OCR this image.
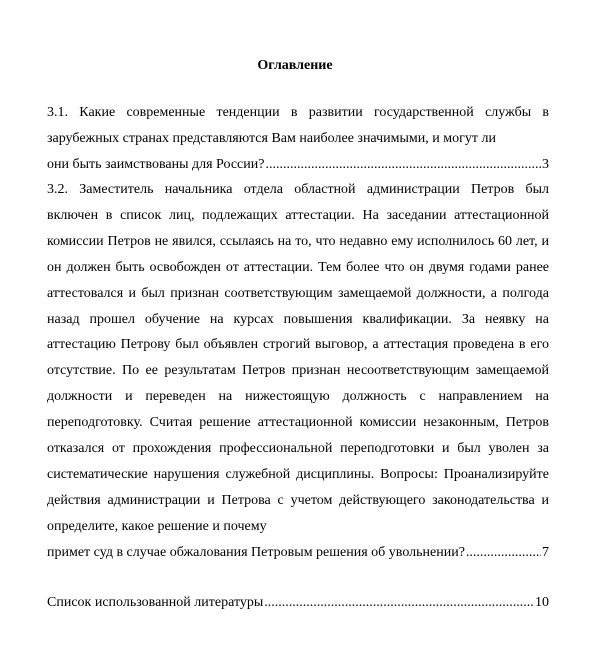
Оглавление
3.1. Какие современные тенденции в развитии государственной службы в зарубежных странах представляются Вам наиболее значимыми, и могут ли
они быть заимствованы для России? .....	3
3.2. Заместитель начальника отдела областной администрации Петров был включен в список лиц, подлежащих аттестации. На заседании аттестационной комиссии Петров не явился, ссылаясь на то, что недавно ему исполнилось 60 лет, и он должен быть освобожден от аттестации. Тем более что он двумя годами ранее аттестовался и был признан соответствующим замещаемой должности, а полгода назад прошел обучение на курсах повышения квалификации. За неявку на аттестацию Петрову был объявлен строгий выговор, а аттестация проведена в его отсутствие. По ее результатам Петров признан несоответствующим замещаемой должности и переведен на нижестоящую должность с направлением на переподготовку. Считая решение аттестационной комиссии незаконным, Петров отказался от прохождения профессиональной переподготовки и был уволен за систематические нарушения служебной дисциплины. Вопросы: Проанализируйте действия администрации и Петрова с учетом действующего законодательства и определите, какое решение и почему
примет суд в случае обжалования Петровым решения об увольнении? .....	7
Список использованной литературы .....	10
